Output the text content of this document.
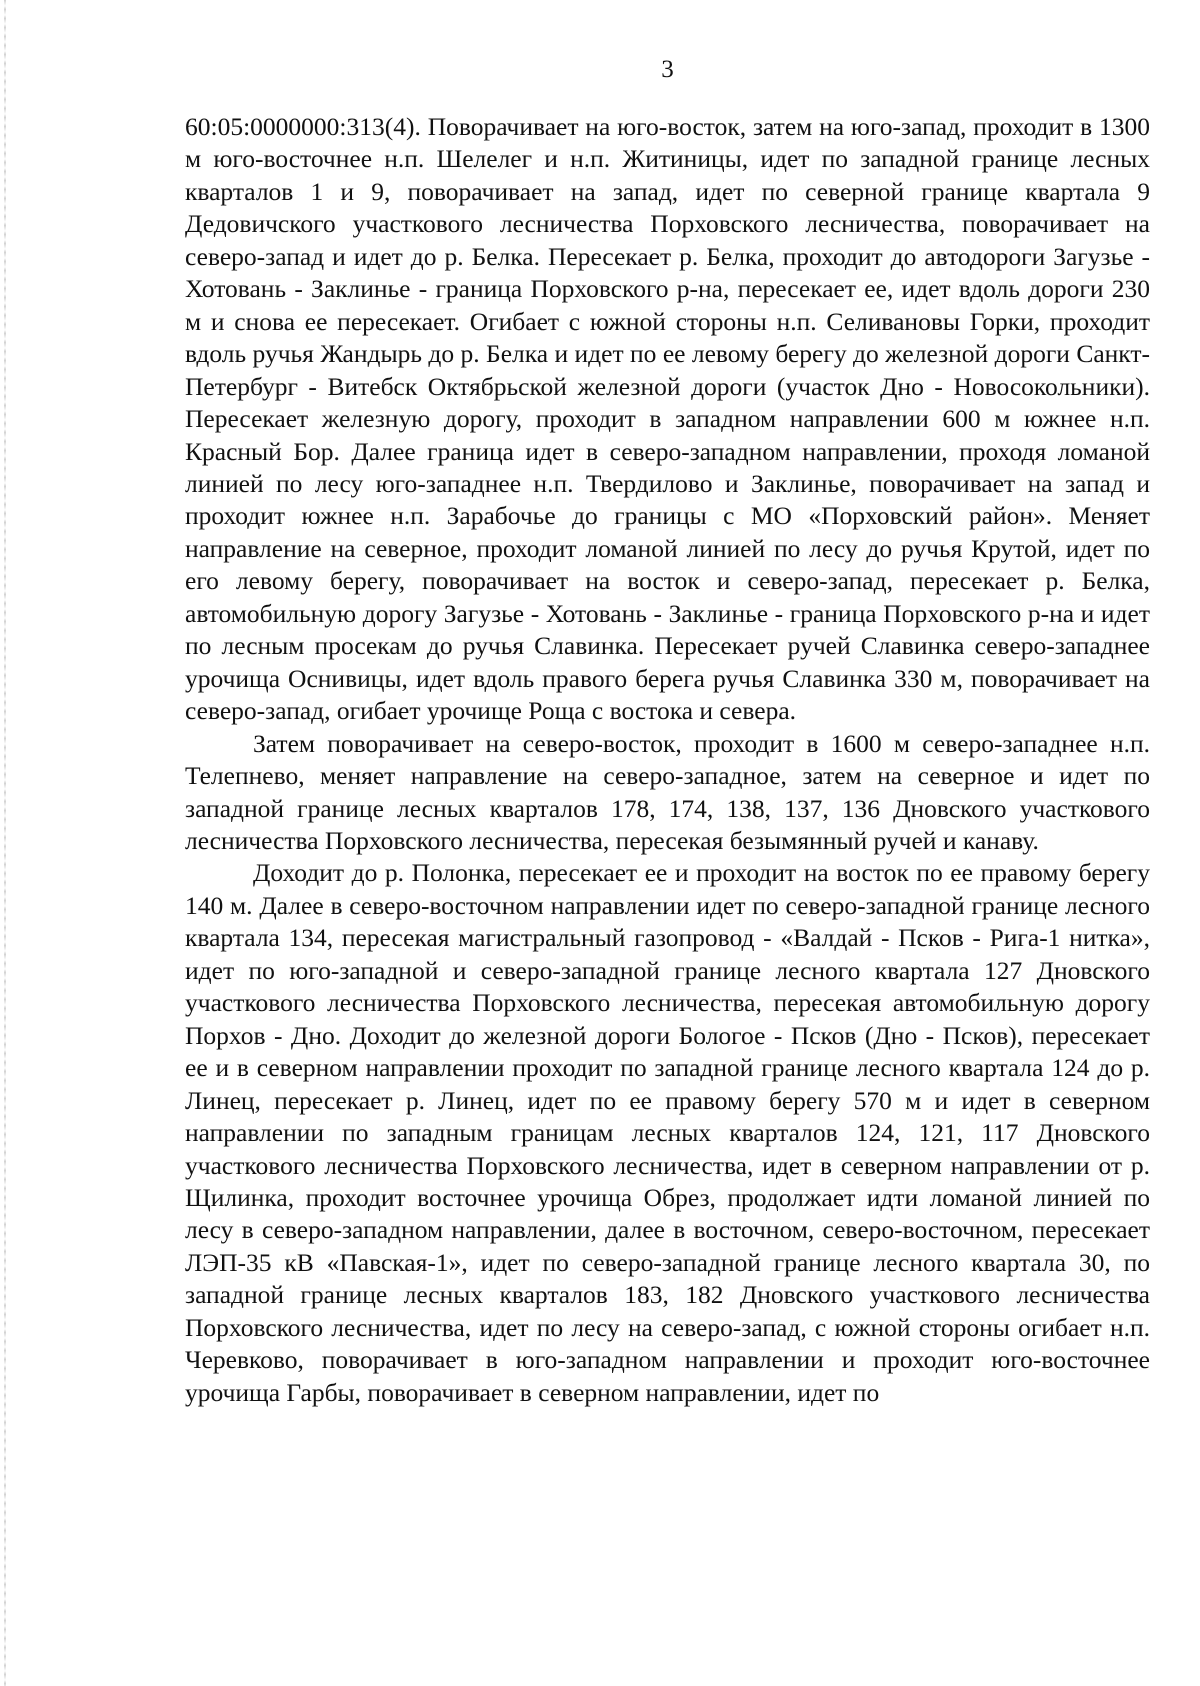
3

60:05:0000000:313(4). Поворачивает на юго-восток, затем на юго-запад, проходит в 1300 м юго-восточнее н.п. Шелелег и н.п. Житиницы, идет по западной границе лесных кварталов 1 и 9, поворачивает на запад, идет по северной границе квартала 9 Дедовичского участкового лесничества Порховского лесничества, поворачивает на северо-запад и идет до р. Белка. Пересекает р. Белка, проходит до автодороги Загузье - Хотовань - Заклинье - граница Порховского р-на, пересекает ее, идет вдоль дороги 230 м и снова ее пересекает. Огибает с южной стороны н.п. Селивановы Горки, проходит вдоль ручья Жандырь до р. Белка и идет по ее левому берегу до железной дороги Санкт-Петербург - Витебск Октябрьской железной дороги (участок Дно - Новосокольники). Пересекает железную дорогу, проходит в западном направлении 600 м южнее н.п. Красный Бор. Далее граница идет в северо-западном направлении, проходя ломаной линией по лесу юго-западнее н.п. Твердилово и Заклинье, поворачивает на запад и проходит южнее н.п. Зарабочье до границы с МО «Порховский район». Меняет направление на северное, проходит ломаной линией по лесу до ручья Крутой, идет по его левому берегу, поворачивает на восток и северо-запад, пересекает р. Белка, автомобильную дорогу Загузье - Хотовань - Заклинье - граница Порховского р-на и идет по лесным просекам до ручья Славинка. Пересекает ручей Славинка северо-западнее урочища Оснивицы, идет вдоль правого берега ручья Славинка 330 м, поворачивает на северо-запад, огибает урочище Роща с востока и севера.

Затем поворачивает на северо-восток, проходит в 1600 м северо-западнее н.п. Телепнево, меняет направление на северо-западное, затем на северное и идет по западной границе лесных кварталов 178, 174, 138, 137, 136 Дновского участкового лесничества Порховского лесничества, пересекая безымянный ручей и канаву.

Доходит до р. Полонка, пересекает ее и проходит на восток по ее правому берегу 140 м. Далее в северо-восточном направлении идет по северо-западной границе лесного квартала 134, пересекая магистральный газопровод - «Валдай - Псков - Рига-1 нитка», идет по юго-западной и северо-западной границе лесного квартала 127 Дновского участкового лесничества Порховского лесничества, пересекая автомобильную дорогу Порхов - Дно. Доходит до железной дороги Бологое - Псков (Дно - Псков), пересекает ее и в северном направлении проходит по западной границе лесного квартала 124 до р. Линец, пересекает р. Линец, идет по ее правому берегу 570 м и идет в северном направлении по западным границам лесных кварталов 124, 121, 117 Дновского участкового лесничества Порховского лесничества, идет в северном направлении от р. Щилинка, проходит восточнее урочища Обрез, продолжает идти ломаной линией по лесу в северо-западном направлении, далее в восточном, северо-восточном, пересекает ЛЭП-35 кВ «Павская-1», идет по северо-западной границе лесного квартала 30, по западной границе лесных кварталов 183, 182 Дновского участкового лесничества Порховского лесничества, идет по лесу на северо-запад, с южной стороны огибает н.п. Черевково, поворачивает в юго-западном направлении и проходит юго-восточнее урочища Гарбы, поворачивает в северном направлении, идет по
